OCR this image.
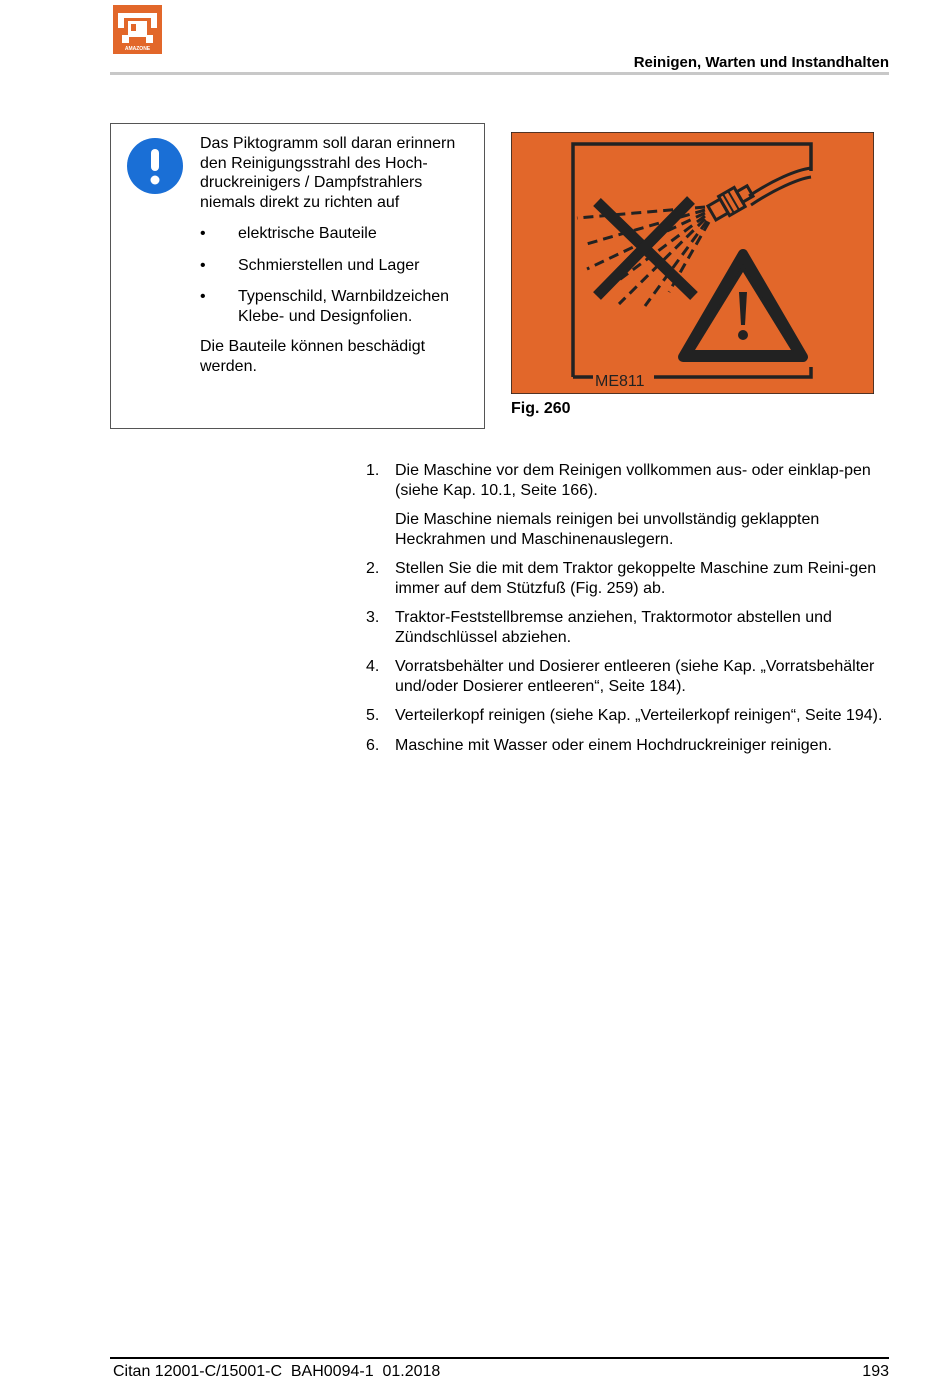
AMAZONE
Reinigen, Warten und Instandhalten

Das Piktogramm soll daran erinnern den Reinigungsstrahl des Hoch-druckreinigers / Dampfstrahlers niemals direkt zu richten auf

• elektrische Bauteile
• Schmierstellen und Lager
• Typenschild, Warnbildzeichen Klebe- und Designfolien.

Die Bauteile können beschädigt werden.

ME811
Fig. 260
1. Die Maschine vor dem Reinigen vollkommen aus- oder einklap-pen (siehe Kap. 10.1, Seite 166).
Die Maschine niemals reinigen bei unvollständig geklappten Heckrahmen und Maschinenauslegern.
2. Stellen Sie die mit dem Traktor gekoppelte Maschine zum Reini-gen immer auf dem Stützfuß (Fig. 259) ab.
3. Traktor-Feststellbremse anziehen, Traktormotor abstellen und Zündschlüssel abziehen.
4. Vorratsbehälter und Dosierer entleeren (siehe Kap. „Vorratsbehälter und/oder Dosierer entleeren“, Seite 184).
5. Verteilerkopf reinigen (siehe Kap. „Verteilerkopf reinigen“, Seite 194).
6. Maschine mit Wasser oder einem Hochdruckreiniger reinigen.
Citan 12001-C/15001-C  BAH0094-1  01.2018	193
